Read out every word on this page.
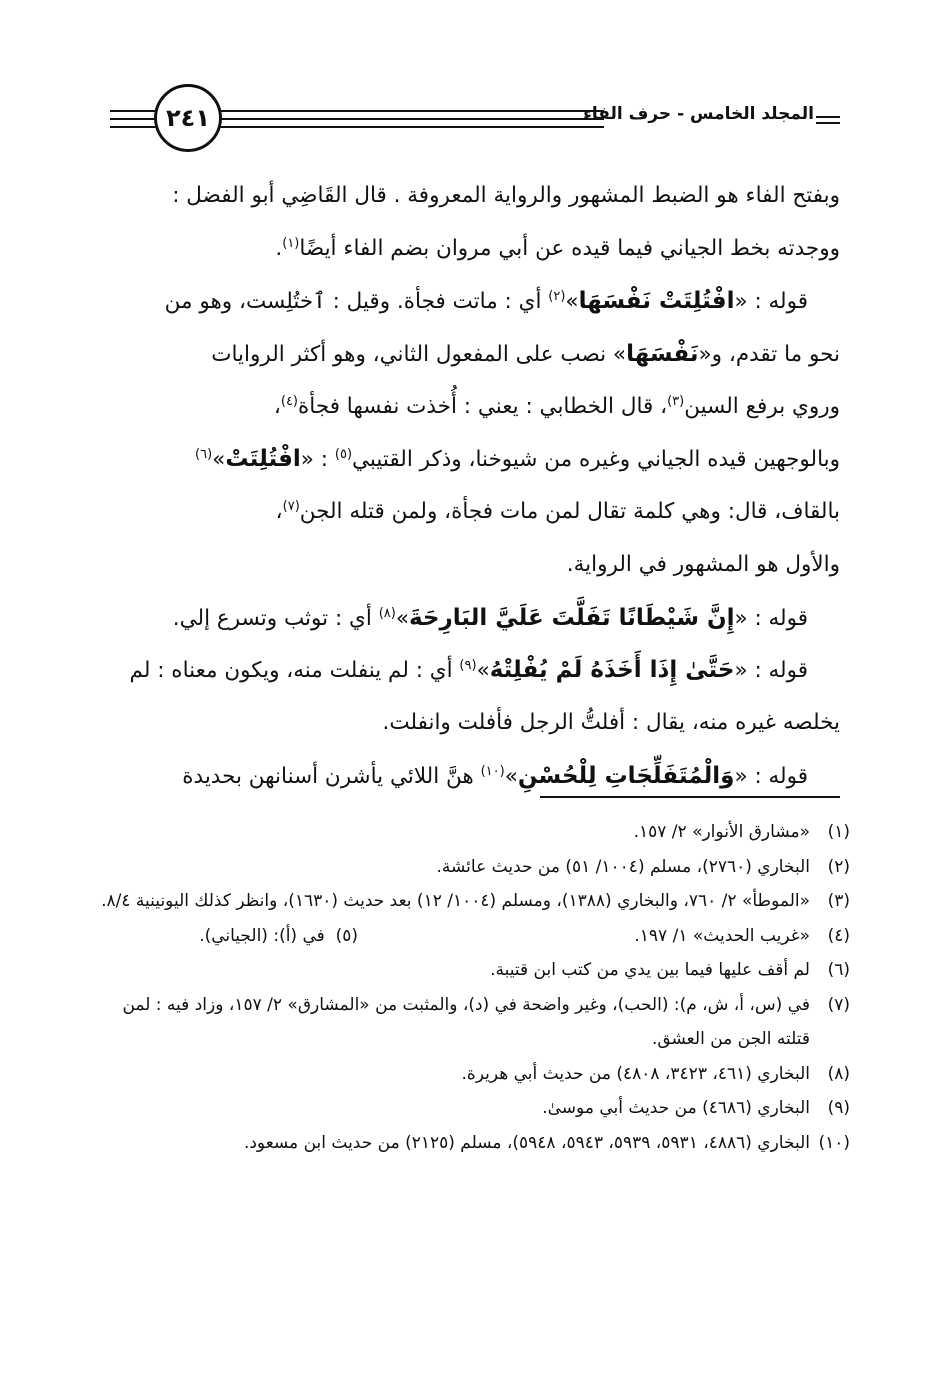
٢٤١	المجلد الخامس - حرف الفاء
وبفتح الفاء هو الضبط المشهور والرواية المعروفة . قال القَاضِي أبو الفضل :
ووجدته بخط الجياني فيما قيده عن أبي مروان بضم الفاء أيضًا$^{(١)}$.
قوله : «افْتُلِتَتْ نَفْسَهَا»$^{(٢)}$ أي : ماتت فجأة. وقيل : ٱختُلِست، وهو من
نحو ما تقدم، و«نَفْسَهَا» نصب على المفعول الثاني، وهو أكثر الروايات
وروي برفع السين$^{(٣)}$، قال الخطابي : يعني : أُخذت نفسها فجأة$^{(٤)}$،
وبالوجهين قيده الجياني وغيره من شيوخنا، وذكر القتيبي$^{(٥)}$ : «افْتُلِتَتْ»$^{(٦)}$
بالقاف، قال: وهي كلمة تقال لمن مات فجأة، ولمن قتله الجن$^{(٧)}$،
والأول هو المشهور في الرواية.
قوله : «إِنَّ شَيْطَانًا تَفَلَّتَ عَلَيَّ البَارِحَةَ»$^{(٨)}$ أي : توثب وتسرع إلي.
قوله : «حَتَّىٰ إِذَا أَخَذَهُ لَمْ يُفْلِتْهُ»$^{(٩)}$ أي : لم ينفلت منه، ويكون معناه : لم
يخلصه غيره منه، يقال : أفلتُّ الرجل فأفلت وانفلت.
قوله : «وَالْمُتَفَلِّجَاتِ لِلْحُسْنِ»$^{(١٠)}$ هنَّ اللائي يأشرن أسنانهن بحديدة
(١)
«مشارق الأنوار» ٢/ ١٥٧.
(٢)
البخاري (٢٧٦٠)، مسلم (١٠٠٤/ ٥١) من حديث عائشة.
(٣)
«الموطأ» ٢/ ٧٦٠، والبخاري (١٣٨٨)، ومسلم (١٠٠٤/ ١٢) بعد حديث (١٦٣٠)، وانظر كذلك اليونينية ٨/٤.
(٤)
«غريب الحديث» ١/ ١٩٧.
(٥)  في (أ): (الجياني).
(٦)
لم أقف عليها فيما بين يدي من كتب ابن قتيبة.
(٧)
في (س، أ، ش، م): (الحب)، وغير واضحة في (د)، والمثبت من «المشارق» ٢/ ١٥٧، وزاد فيه : لمن قتلته الجن من العشق.
(٨)
البخاري (٤٦١، ٣٤٢٣، ٤٨٠٨) من حديث أبي هريرة.
(٩)
البخاري (٤٦٨٦) من حديث أبي موسىٰ.
(١٠)
البخاري (٤٨٨٦، ٥٩٣١، ٥٩٣٩، ٥٩٤٣، ٥٩٤٨)، مسلم (٢١٢٥) من حديث ابن مسعود.
